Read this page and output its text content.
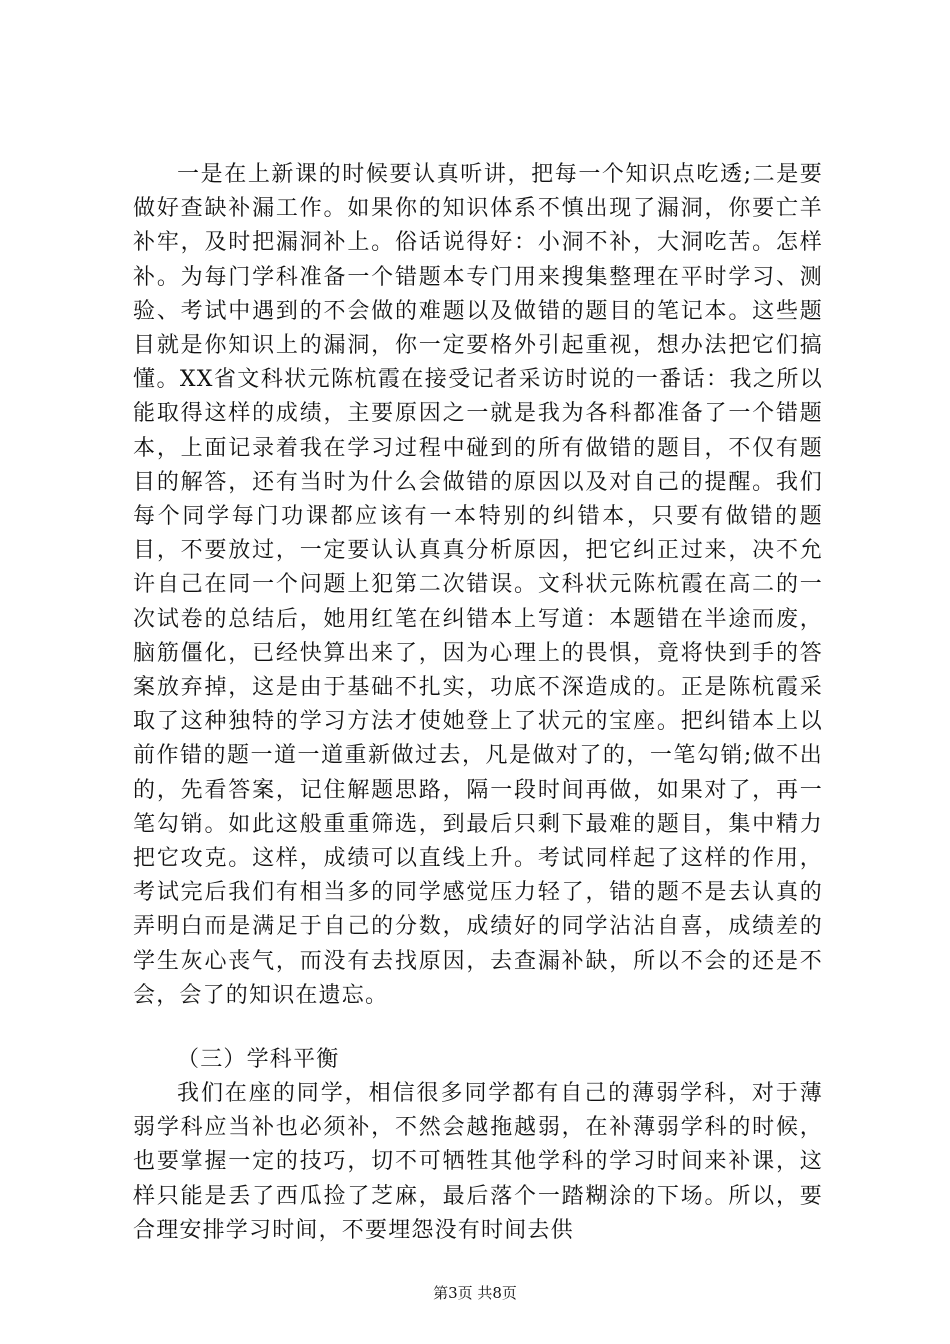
一是在上新课的时候要认真听讲，把每一个知识点吃透;二是要做好查缺补漏工作。如果你的知识体系不慎出现了漏洞，你要亡羊补牢，及时把漏洞补上。俗话说得好：小洞不补，大洞吃苦。怎样补。为每门学科准备一个错题本专门用来搜集整理在平时学习、测验、考试中遇到的不会做的难题以及做错的题目的笔记本。这些题目就是你知识上的漏洞，你一定要格外引起重视，想办法把它们搞懂。XX省文科状元陈杭霞在接受记者采访时说的一番话：我之所以能取得这样的成绩，主要原因之一就是我为各科都准备了一个错题本，上面记录着我在学习过程中碰到的所有做错的题目，不仅有题目的解答，还有当时为什么会做错的原因以及对自己的提醒。我们每个同学每门功课都应该有一本特别的纠错本，只要有做错的题目，不要放过，一定要认认真真分析原因，把它纠正过来，决不允许自己在同一个问题上犯第二次错误。文科状元陈杭霞在高二的一次试卷的总结后，她用红笔在纠错本上写道：本题错在半途而废，脑筋僵化，已经快算出来了，因为心理上的畏惧，竟将快到手的答案放弃掉，这是由于基础不扎实，功底不深造成的。正是陈杭霞采取了这种独特的学习方法才使她登上了状元的宝座。把纠错本上以前作错的题一道一道重新做过去，凡是做对了的，一笔勾销;做不出的，先看答案，记住解题思路，隔一段时间再做，如果对了，再一笔勾销。如此这般重重筛选，到最后只剩下最难的题目，集中精力把它攻克。这样，成绩可以直线上升。考试同样起了这样的作用，考试完后我们有相当多的同学感觉压力轻了，错的题不是去认真的弄明白而是满足于自己的分数，成绩好的同学沾沾自喜，成绩差的学生灰心丧气，而没有去找原因，去查漏补缺，所以不会的还是不会，会了的知识在遗忘。

（三）学科平衡

我们在座的同学，相信很多同学都有自己的薄弱学科，对于薄弱学科应当补也必须补，不然会越拖越弱，在补薄弱学科的时候，也要掌握一定的技巧，切不可牺牲其他学科的学习时间来补课，这样只能是丢了西瓜捡了芝麻，最后落个一踏糊涂的下场。所以，要合理安排学习时间，不要埋怨没有时间去供

第3页 共8页
